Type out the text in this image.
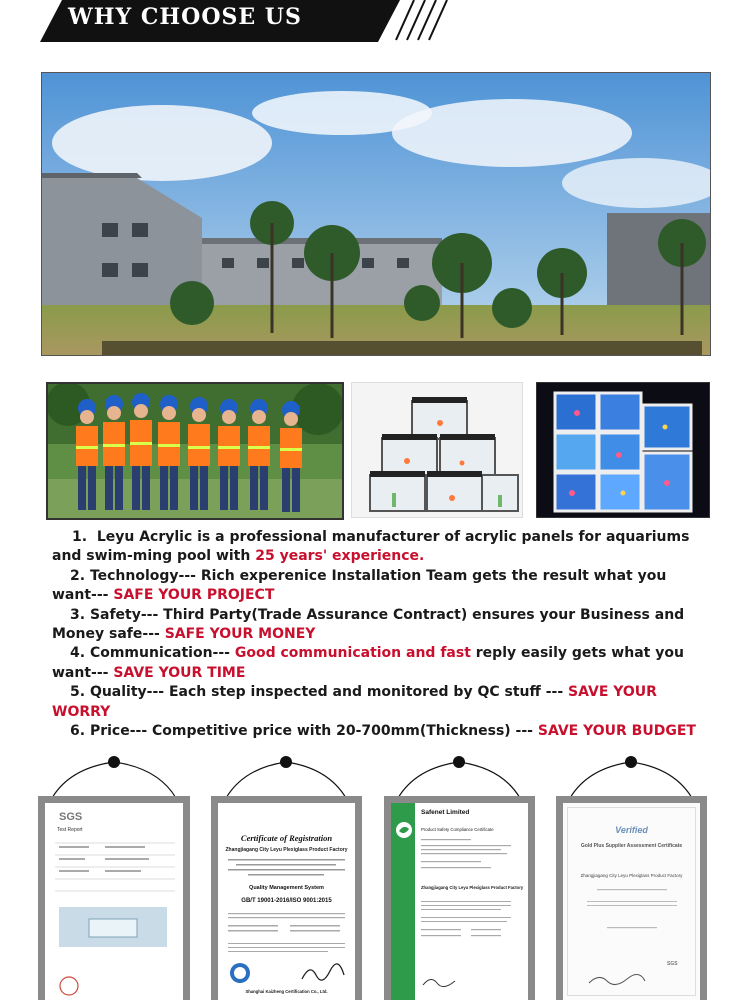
WHY CHOOSE US

1.  Leyu Acrylic is a professional manufacturer of acrylic panels for aquariums and swim-ming pool with 25 years' experience.

2. Technology--- Rich experenice Installation Team gets the result what you want--- SAFE YOUR PROJECT

3. Safety--- Third Party(Trade Assurance Contract) ensures your Business and Money safe--- SAFE YOUR MONEY

4. Communication--- Good communication and fast reply easily gets what you want--- SAVE YOUR TIME

5. Quality--- Each step inspected and monitored by QC stuff --- SAVE YOUR WORRY

6. Price--- Competitive price with 20-700mm(Thickness) --- SAVE YOUR BUDGET

SGS
Test Report
Certificate of Registration
Zhangjiagang City Leyu Plexiglass Product Factory
Quality Management System
GB/T 19001-2016/ISO 9001:2015
Shanghai Kaizheng Certification Co., Ltd.
Safenet Limited
Product Safety Compliance Certificate
Zhangjiagang City Leyu Plexiglass Product Factory
Verified
Gold Plus Supplier Assessment Certificate
Zhangjiagang City Leyu Plexiglass Product Factory
SGS
